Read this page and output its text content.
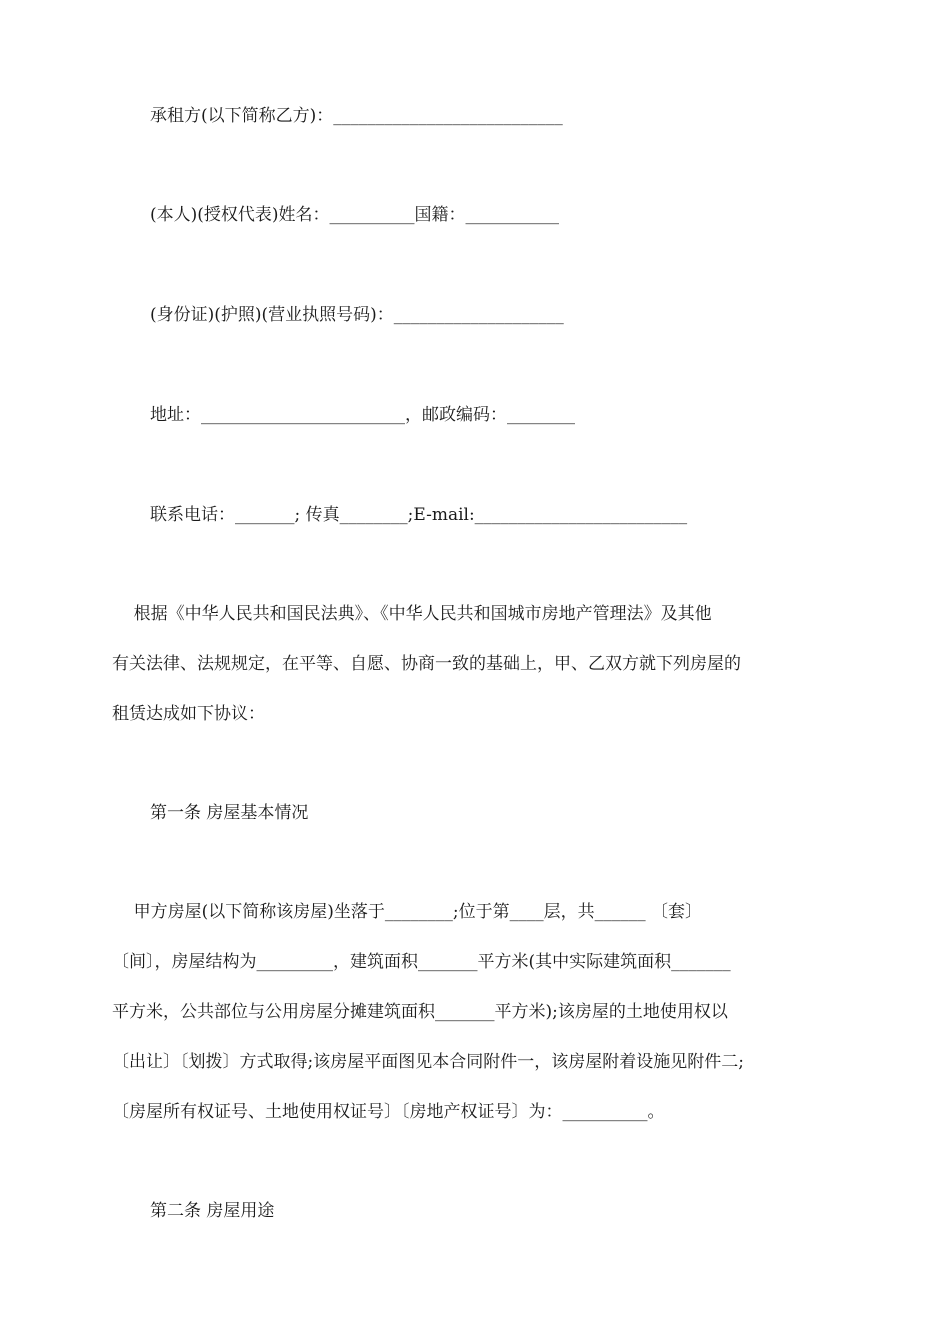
承租方(以下简称乙方)：___________________________
(本人)(授权代表)姓名：__________国籍：___________
(身份证)(护照)(营业执照号码)：____________________
地址：________________________，邮政编码：________
联系电话：_______; 传真________;E-mail:_________________________
根据《中华人民共和国民法典》、《中华人民共和国城市房地产管理法》及其他
有关法律、法规规定，在平等、自愿、协商一致的基础上，甲、乙双方就下列房屋的
租赁达成如下协议：
第一条 房屋基本情况
甲方房屋(以下简称该房屋)坐落于________;位于第____层，共______ 〔套〕
〔间〕，房屋结构为_________，建筑面积_______平方米(其中实际建筑面积_______
平方米，公共部位与公用房屋分摊建筑面积_______平方米);该房屋的土地使用权以
〔出让〕〔划拨〕方式取得;该房屋平面图见本合同附件一，该房屋附着设施见附件二;
〔房屋所有权证号、土地使用权证号〕〔房地产权证号〕为：__________。
第二条 房屋用途
